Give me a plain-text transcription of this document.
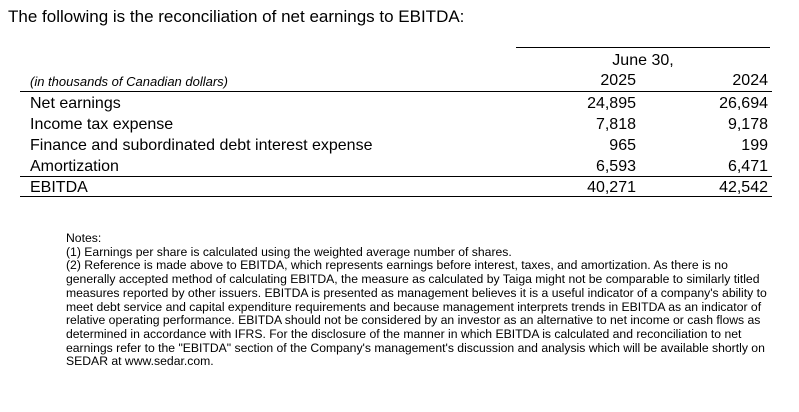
The following is the reconciliation of net earnings to EBITDA:
June 30,
(in thousands of Canadian dollars)	2025	2024
Net earnings	24,895	26,694
Income tax expense	7,818	9,178
Finance and subordinated debt interest expense	965	199
Amortization	6,593	6,471
EBITDA	40,271	42,542

Notes:

(1) Earnings per share is calculated using the weighted average number of shares.

(2) Reference is made above to EBITDA, which represents earnings before interest, taxes, and amortization. As there is no generally accepted method of calculating EBITDA, the measure as calculated by Taiga might not be comparable to similarly titled measures reported by other issuers. EBITDA is presented as management believes it is a useful indicator of a company's ability to meet debt service and capital expenditure requirements and because management interprets trends in EBITDA as an indicator of relative operating performance. EBITDA should not be considered by an investor as an alternative to net income or cash flows as determined in accordance with IFRS. For the disclosure of the manner in which EBITDA is calculated and reconciliation to net earnings refer to the "EBITDA" section of the Company's management's discussion and analysis which will be available shortly on SEDAR at www.sedar.com.
